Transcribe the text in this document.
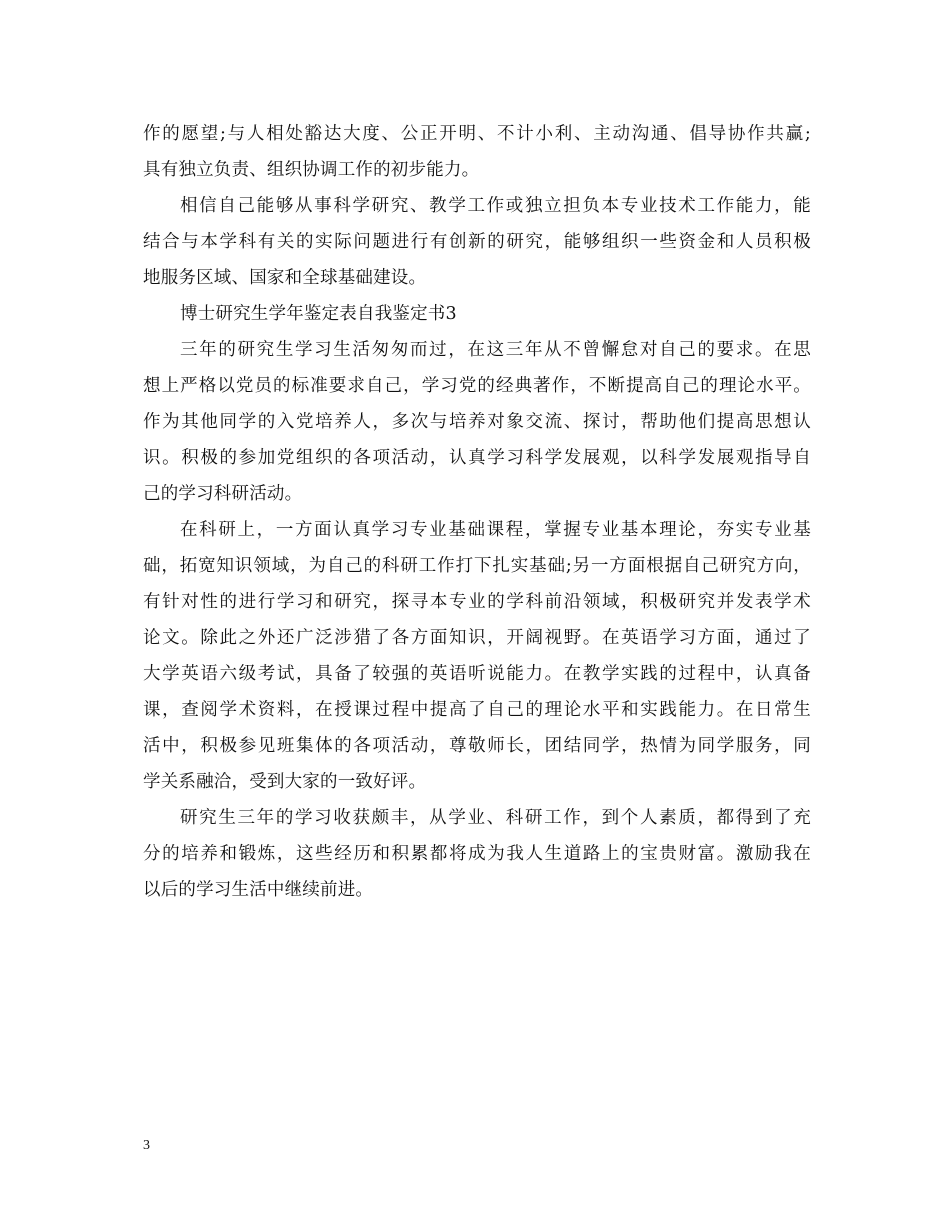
作的愿望;与人相处豁达大度、公正开明、不计小利、主动沟通、倡导协作共赢;
具有独立负责、组织协调工作的初步能力。
相信自己能够从事科学研究、教学工作或独立担负本专业技术工作能力，能
结合与本学科有关的实际问题进行有创新的研究，能够组织一些资金和人员积极
地服务区域、国家和全球基础建设。
博士研究生学年鉴定表自我鉴定书3
三年的研究生学习生活匆匆而过，在这三年从不曾懈怠对自己的要求。在思
想上严格以党员的标准要求自己，学习党的经典著作，不断提高自己的理论水平。
作为其他同学的入党培养人，多次与培养对象交流、探讨，帮助他们提高思想认
识。积极的参加党组织的各项活动，认真学习科学发展观，以科学发展观指导自
己的学习科研活动。
在科研上，一方面认真学习专业基础课程，掌握专业基本理论，夯实专业基
础，拓宽知识领域，为自己的科研工作打下扎实基础;另一方面根据自己研究方向，
有针对性的进行学习和研究，探寻本专业的学科前沿领域，积极研究并发表学术
论文。除此之外还广泛涉猎了各方面知识，开阔视野。在英语学习方面，通过了
大学英语六级考试，具备了较强的英语听说能力。在教学实践的过程中，认真备
课，查阅学术资料，在授课过程中提高了自己的理论水平和实践能力。在日常生
活中，积极参见班集体的各项活动，尊敬师长，团结同学，热情为同学服务，同
学关系融洽，受到大家的一致好评。
研究生三年的学习收获颇丰，从学业、科研工作，到个人素质，都得到了充
分的培养和锻炼，这些经历和积累都将成为我人生道路上的宝贵财富。激励我在
以后的学习生活中继续前进。
3
